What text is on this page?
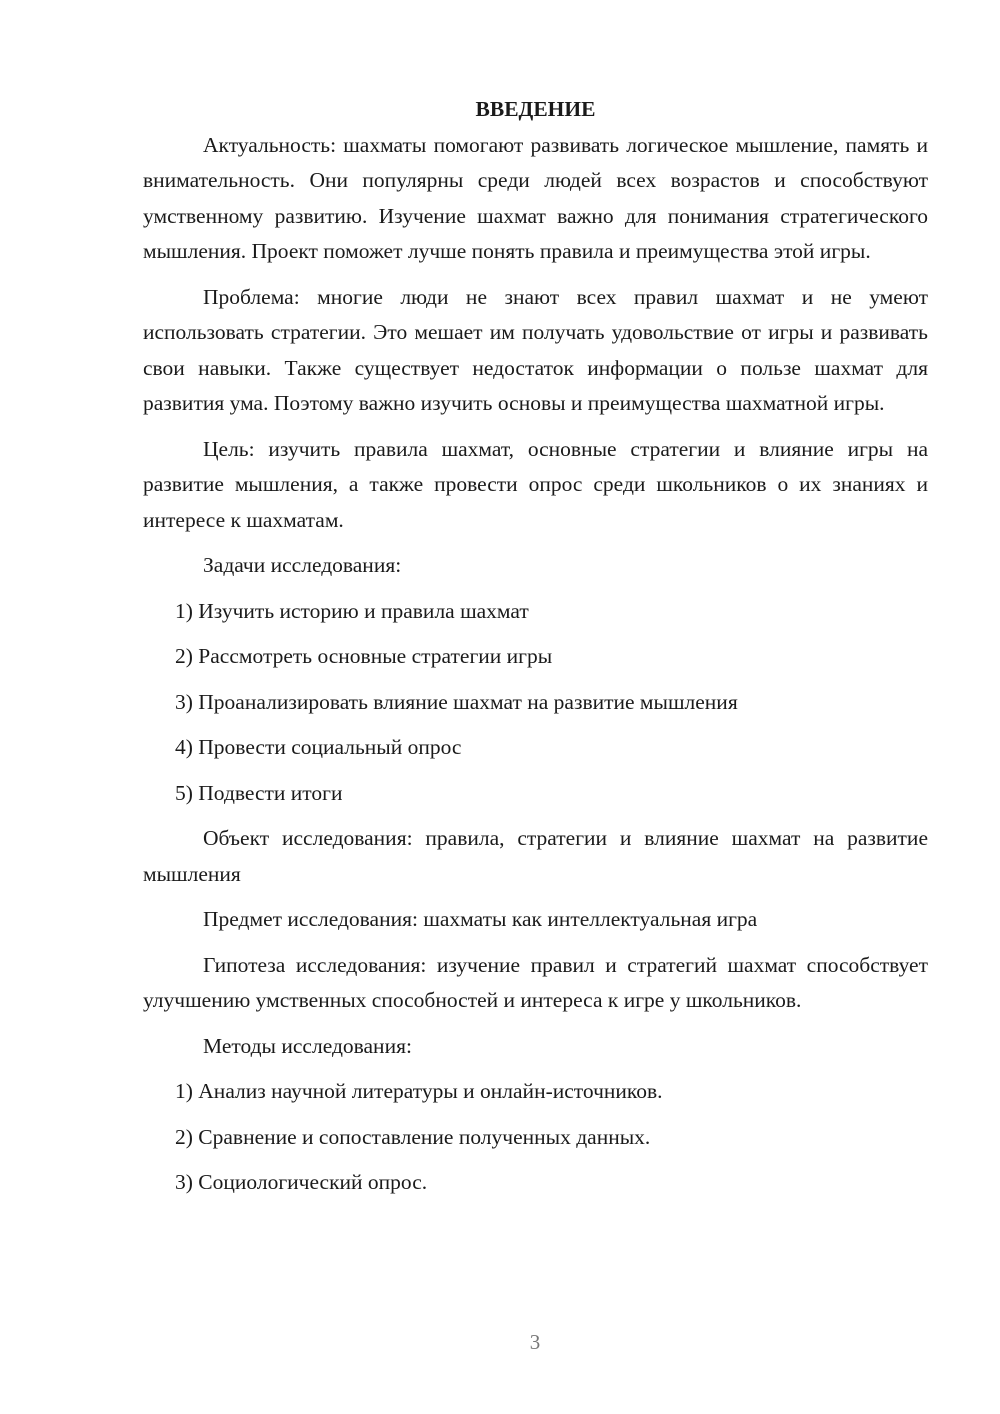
ВВЕДЕНИЕ

Актуальность: шахматы помогают развивать логическое мышление, память и внимательность. Они популярны среди людей всех возрастов и способствуют умственному развитию. Изучение шахмат важно для понимания стратегического мышления. Проект поможет лучше понять правила и преимущества этой игры.

Проблема: многие люди не знают всех правил шахмат и не умеют использовать стратегии. Это мешает им получать удовольствие от игры и развивать свои навыки. Также существует недостаток информации о пользе шахмат для развития ума. Поэтому важно изучить основы и преимущества шахматной игры.

Цель: изучить правила шахмат, основные стратегии и влияние игры на развитие мышления, а также провести опрос среди школьников о их знаниях и интересе к шахматам.

Задачи исследования:

1) Изучить историю и правила шахмат

2) Рассмотреть основные стратегии игры

3) Проанализировать влияние шахмат на развитие мышления

4) Провести социальный опрос

5) Подвести итоги

Объект исследования: правила, стратегии и влияние шахмат на развитие мышления

Предмет исследования: шахматы как интеллектуальная игра

Гипотеза исследования: изучение правил и стратегий шахмат способствует улучшению умственных способностей и интереса к игре у школьников.

Методы исследования:

1) Анализ научной литературы и онлайн-источников.

2) Сравнение и сопоставление полученных данных.

3) Социологический опрос.

3
